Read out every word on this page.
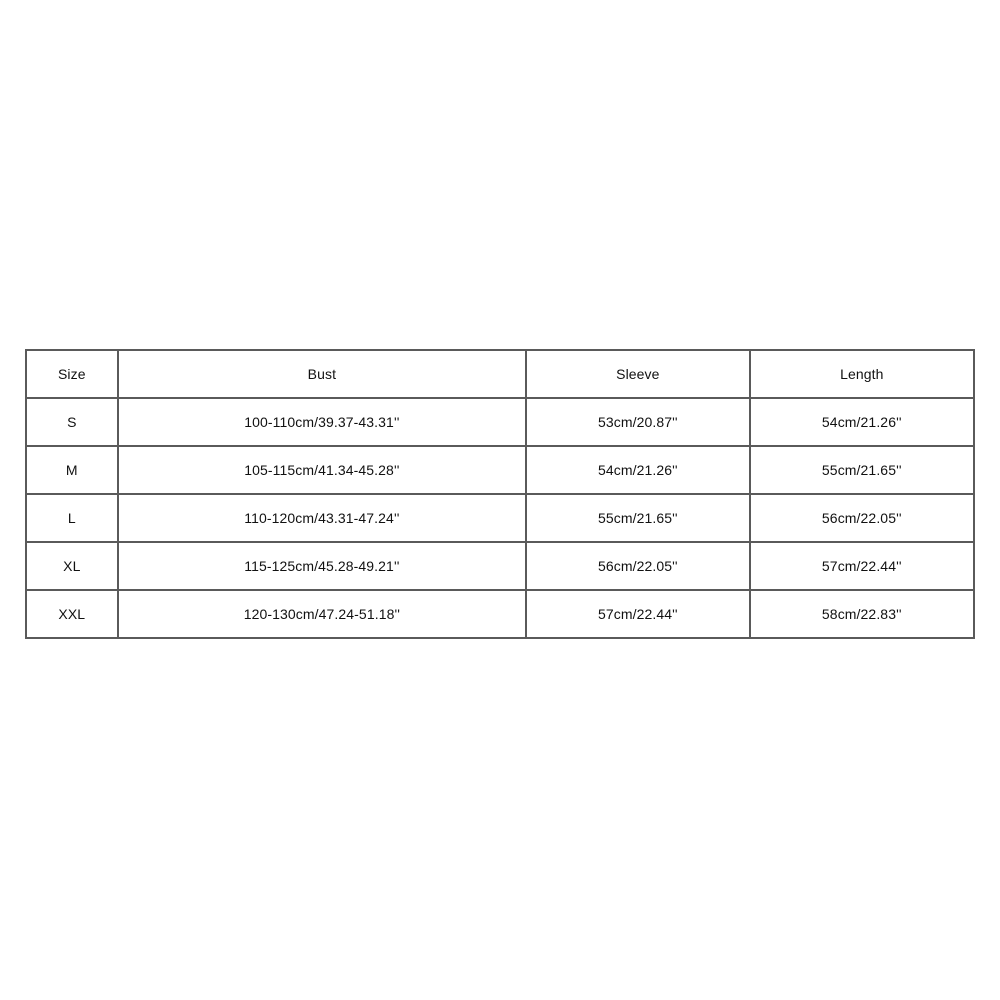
Size	Bust	Sleeve	Length
S	100-110cm/39.37-43.31''	53cm/20.87''	54cm/21.26''
M	105-115cm/41.34-45.28''	54cm/21.26''	55cm/21.65''
L	110-120cm/43.31-47.24''	55cm/21.65''	56cm/22.05''
XL	115-125cm/45.28-49.21''	56cm/22.05''	57cm/22.44''
XXL	120-130cm/47.24-51.18''	57cm/22.44''	58cm/22.83''
